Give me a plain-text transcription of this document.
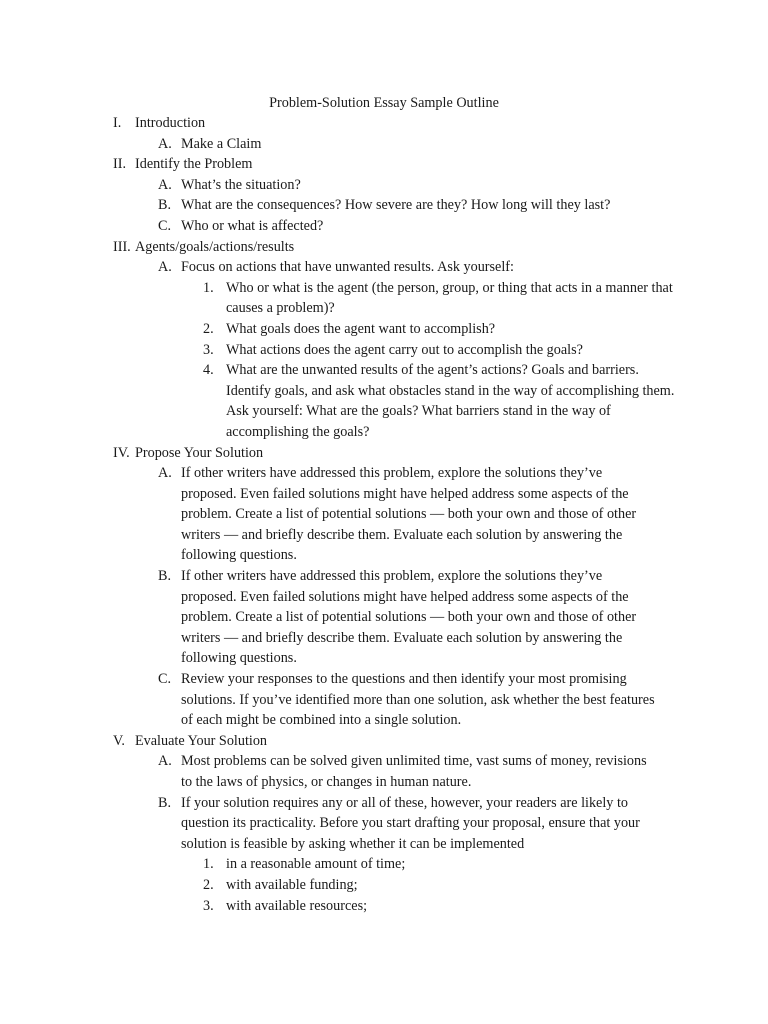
Problem-Solution Essay Sample Outline
I. Introduction
A. Make a Claim
II. Identify the Problem
A. What’s the situation?
B. What are the consequences? How severe are they? How long will they last?
C. Who or what is affected?
III. Agents/goals/actions/results
A. Focus on actions that have unwanted results. Ask yourself:
1. Who or what is the agent (the person, group, or thing that acts in a manner that causes a problem)?
2. What goals does the agent want to accomplish?
3. What actions does the agent carry out to accomplish the goals?
4. What are the unwanted results of the agent’s actions? Goals and barriers. Identify goals, and ask what obstacles stand in the way of accomplishing them. Ask yourself: What are the goals? What barriers stand in the way of accomplishing the goals?
IV. Propose Your Solution
A. If other writers have addressed this problem, explore the solutions they’ve proposed. Even failed solutions might have helped address some aspects of the problem. Create a list of potential solutions — both your own and those of other writers — and briefly describe them. Evaluate each solution by answering the following questions.
B. If other writers have addressed this problem, explore the solutions they’ve proposed. Even failed solutions might have helped address some aspects of the problem. Create a list of potential solutions — both your own and those of other writers — and briefly describe them. Evaluate each solution by answering the following questions.
C. Review your responses to the questions and then identify your most promising solutions. If you’ve identified more than one solution, ask whether the best features of each might be combined into a single solution.
V. Evaluate Your Solution
A. Most problems can be solved given unlimited time, vast sums of money, revisions to the laws of physics, or changes in human nature.
B. If your solution requires any or all of these, however, your readers are likely to question its practicality. Before you start drafting your proposal, ensure that your solution is feasible by asking whether it can be implemented
1. in a reasonable amount of time;
2. with available funding;
3. with available resources;
